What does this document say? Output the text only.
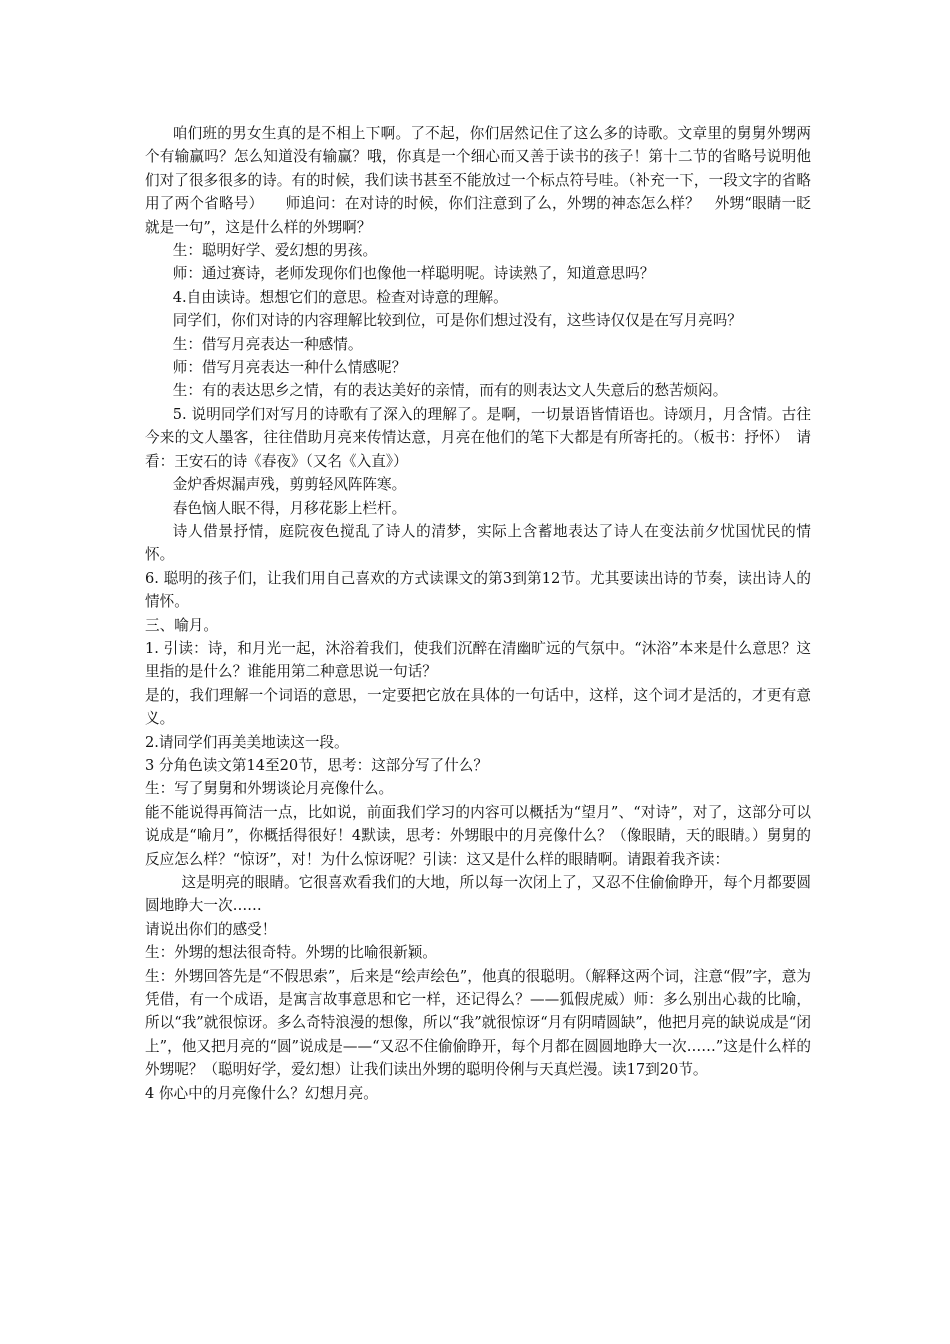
咱们班的男女生真的是不相上下啊。了不起，你们居然记住了这么多的诗歌。文章里的舅舅外甥两个有输赢吗？怎么知道没有输赢？哦，你真是一个细心而又善于读书的孩子！第十二节的省略号说明他们对了很多很多的诗。有的时候，我们读书甚至不能放过一个标点符号哇。（补充一下，一段文字的省略用了两个省略号）　　师追问：在对诗的时候，你们注意到了么，外甥的神态怎么样？　外甥“眼睛一眨就是一句”，这是什么样的外甥啊？

生：聪明好学、爱幻想的男孩。

师：通过赛诗，老师发现你们也像他一样聪明呢。诗读熟了，知道意思吗？

4.自由读诗。想想它们的意思。检查对诗意的理解。

同学们，你们对诗的内容理解比较到位，可是你们想过没有，这些诗仅仅是在写月亮吗？

生：借写月亮表达一种感情。

师：借写月亮表达一种什么情感呢？

生：有的表达思乡之情，有的表达美好的亲情，而有的则表达文人失意后的愁苦烦闷。

5. 说明同学们对写月的诗歌有了深入的理解了。是啊，一切景语皆情语也。诗颂月，月含情。古往今来的文人墨客，往往借助月亮来传情达意，月亮在他们的笔下大都是有所寄托的。（板书：抒怀）　请看：王安石的诗《春夜》（又名《入直》）

金炉香烬漏声残，剪剪轻风阵阵寒。

春色恼人眠不得，月移花影上栏杆。

诗人借景抒情，庭院夜色搅乱了诗人的清梦，实际上含蓄地表达了诗人在变法前夕忧国忧民的情怀。

6. 聪明的孩子们，让我们用自己喜欢的方式读课文的第3到第12节。尤其要读出诗的节奏，读出诗人的情怀。

三、喻月。

1. 引读：诗，和月光一起，沐浴着我们，使我们沉醉在清幽旷远的气氛中。“沐浴”本来是什么意思？这里指的是什么？谁能用第二种意思说一句话？

是的，我们理解一个词语的意思，一定要把它放在具体的一句话中，这样，这个词才是活的，才更有意义。

2.请同学们再美美地读这一段。

3 分角色读文第14至20节，思考：这部分写了什么？

生：写了舅舅和外甥谈论月亮像什么。

能不能说得再简洁一点，比如说，前面我们学习的内容可以概括为“望月”、“对诗”，对了，这部分可以说成是“喻月”，你概括得很好！4默读，思考：外甥眼中的月亮像什么？（像眼睛，天的眼睛。）舅舅的反应怎么样？“惊讶”，对！为什么惊讶呢？引读：这又是什么样的眼睛啊。请跟着我齐读：

这是明亮的眼睛。它很喜欢看我们的大地，所以每一次闭上了，又忍不住偷偷睁开，每个月都要圆圆地睁大一次……

请说出你们的感受！

生：外甥的想法很奇特。外甥的比喻很新颖。

生：外甥回答先是“不假思索”，后来是“绘声绘色”，他真的很聪明。（解释这两个词，注意“假”字，意为凭借，有一个成语，是寓言故事意思和它一样，还记得么？——狐假虎威）师：多么别出心裁的比喻，所以“我”就很惊讶。多么奇特浪漫的想像，所以“我”就很惊讶“月有阴晴圆缺”，他把月亮的缺说成是“闭上”，他又把月亮的“圆”说成是——“又忍不住偷偷睁开，每个月都在圆圆地睁大一次……”这是什么样的外甥呢？（聪明好学，爱幻想）让我们读出外甥的聪明伶俐与天真烂漫。读17到20节。

4 你心中的月亮像什么？幻想月亮。
